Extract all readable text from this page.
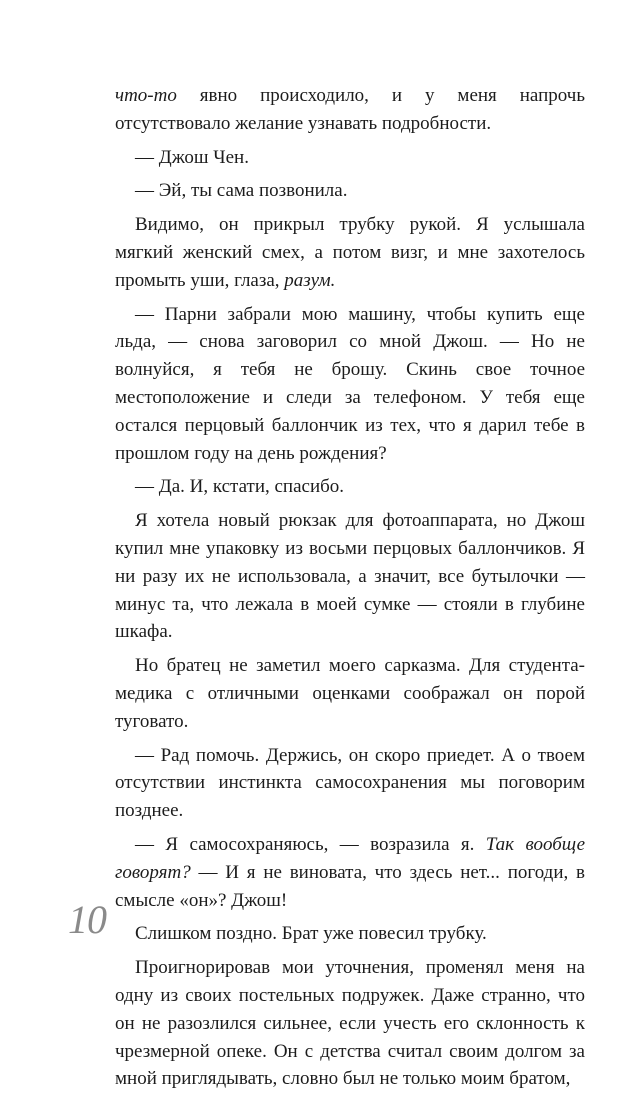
что-то явно происходило, и у меня напрочь отсутствовало желание узнавать подробности.

— Джош Чен.

— Эй, ты сама позвонила.

Видимо, он прикрыл трубку рукой. Я услышала мягкий женский смех, а потом визг, и мне захотелось промыть уши, глаза, разум.

— Парни забрали мою машину, чтобы купить еще льда, — снова заговорил со мной Джош. — Но не волнуйся, я тебя не брошу. Скинь свое точное местоположение и следи за телефоном. У тебя еще остался перцовый баллончик из тех, что я дарил тебе в прошлом году на день рождения?

— Да. И, кстати, спасибо.

Я хотела новый рюкзак для фотоаппарата, но Джош купил мне упаковку из восьми перцовых баллончиков. Я ни разу их не использовала, а значит, все бутылочки — минус та, что лежала в моей сумке — стояли в глубине шкафа.

Но братец не заметил моего сарказма. Для студента-медика с отличными оценками соображал он порой туговато.

— Рад помочь. Держись, он скоро приедет. А о твоем отсутствии инстинкта самосохранения мы поговорим позднее.

— Я самосохраняюсь, — возразила я. Так вообще говорят? — И я не виновата, что здесь нет... погоди, в смысле «он»? Джош!

Слишком поздно. Брат уже повесил трубку.

Проигнорировав мои уточнения, променял меня на одну из своих постельных подружек. Даже странно, что он не разозлился сильнее, если учесть его склонность к чрезмерной опеке. Он с детства считал своим долгом за мной приглядывать, словно был не только моим братом,

10
